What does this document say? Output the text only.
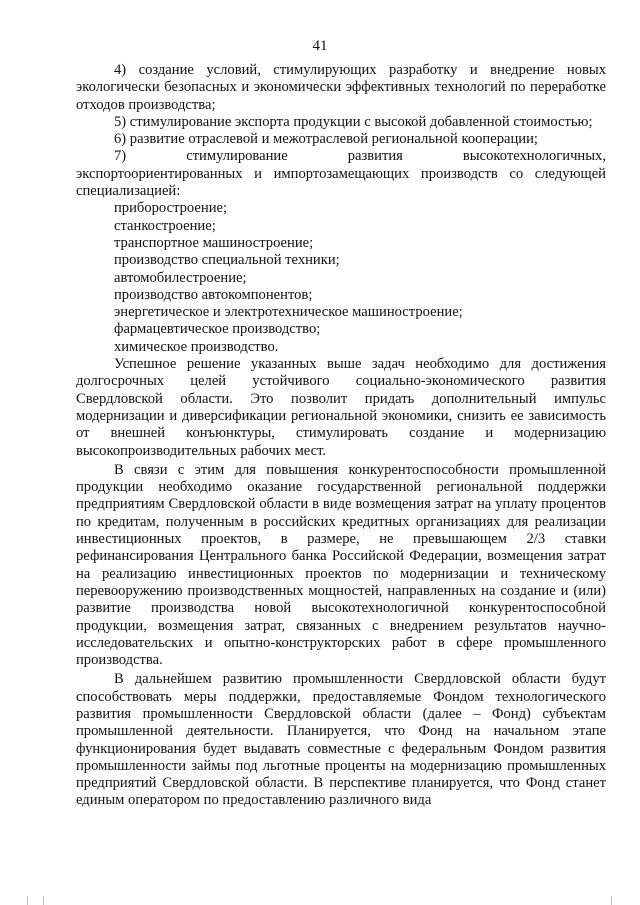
41

4) создание условий, стимулирующих разработку и внедрение новых экологически безопасных и экономически эффективных технологий по переработке отходов производства;

5) стимулирование экспорта продукции с высокой добавленной стоимостью;

6) развитие отраслевой и межотраслевой региональной кооперации;

7) стимулирование развития высокотехнологичных, экспортоориентированных и импортозамещающих производств со следующей специализацией:

приборостроение;

станкостроение;

транспортное машиностроение;

производство специальной техники;

автомобилестроение;

производство автокомпонентов;

энергетическое и электротехническое машиностроение;

фармацевтическое производство;

химическое производство.

Успешное решение указанных выше задач необходимо для достижения долгосрочных целей устойчивого социально-экономического развития Свердловской области. Это позволит придать дополнительный импульс модернизации и диверсификации региональной экономики, снизить ее зависимость от внешней конъюнктуры, стимулировать создание и модернизацию высокопроизводительных рабочих мест.

В связи с этим для повышения конкурентоспособности промышленной продукции необходимо оказание государственной региональной поддержки предприятиям Свердловской области в виде возмещения затрат на уплату процентов по кредитам, полученным в российских кредитных организациях для реализации инвестиционных проектов, в размере, не превышающем 2/3 ставки рефинансирования Центрального банка Российской Федерации, возмещения затрат на реализацию инвестиционных проектов по модернизации и техническому перевооружению производственных мощностей, направленных на создание и (или) развитие производства новой высокотехнологичной конкурентоспособной продукции, возмещения затрат, связанных с внедрением результатов научно-исследовательских и опытно-конструкторских работ в сфере промышленного производства.

В дальнейшем развитию промышленности Свердловской области будут способствовать меры поддержки, предоставляемые Фондом технологического развития промышленности Свердловской области (далее – Фонд) субъектам промышленной деятельности. Планируется, что Фонд на начальном этапе функционирования будет выдавать совместные с федеральным Фондом развития промышленности займы под льготные проценты на модернизацию промышленных предприятий Свердловской области. В перспективе планируется, что Фонд станет единым оператором по предоставлению различного вида
